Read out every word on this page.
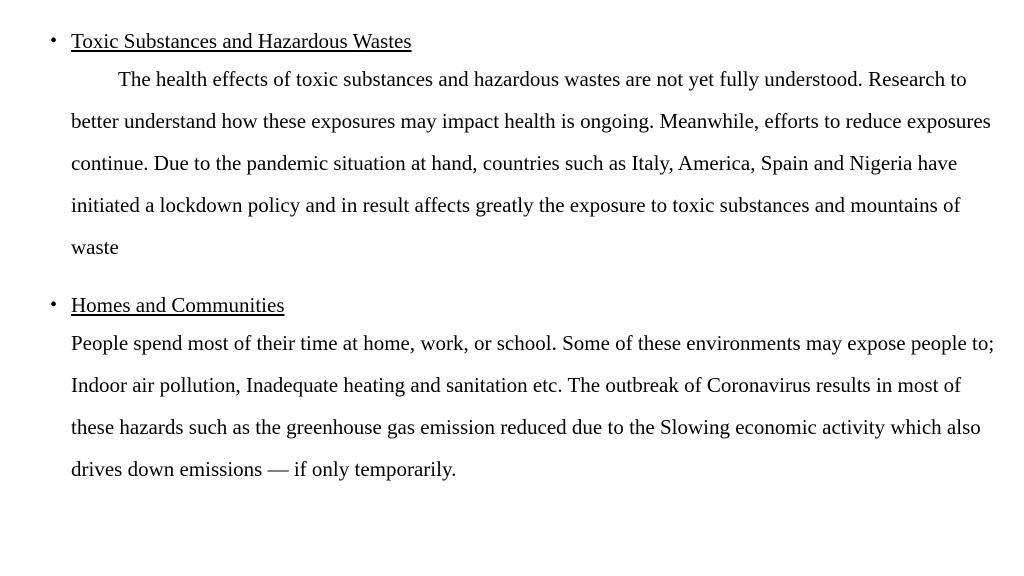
• Toxic Substances and Hazardous Wastes

The health effects of toxic substances and hazardous wastes are not yet fully understood. Research to better understand how these exposures may impact health is ongoing. Meanwhile, efforts to reduce exposures continue. Due to the pandemic situation at hand, countries such as Italy, America, Spain and Nigeria have initiated a lockdown policy and in result affects greatly the exposure to toxic substances and mountains of waste

• Homes and Communities

People spend most of their time at home, work, or school. Some of these environments may expose people to; Indoor air pollution, Inadequate heating and sanitation etc. The outbreak of Coronavirus results in most of these hazards such as the greenhouse gas emission reduced due to the Slowing economic activity which also drives down emissions — if only temporarily.
